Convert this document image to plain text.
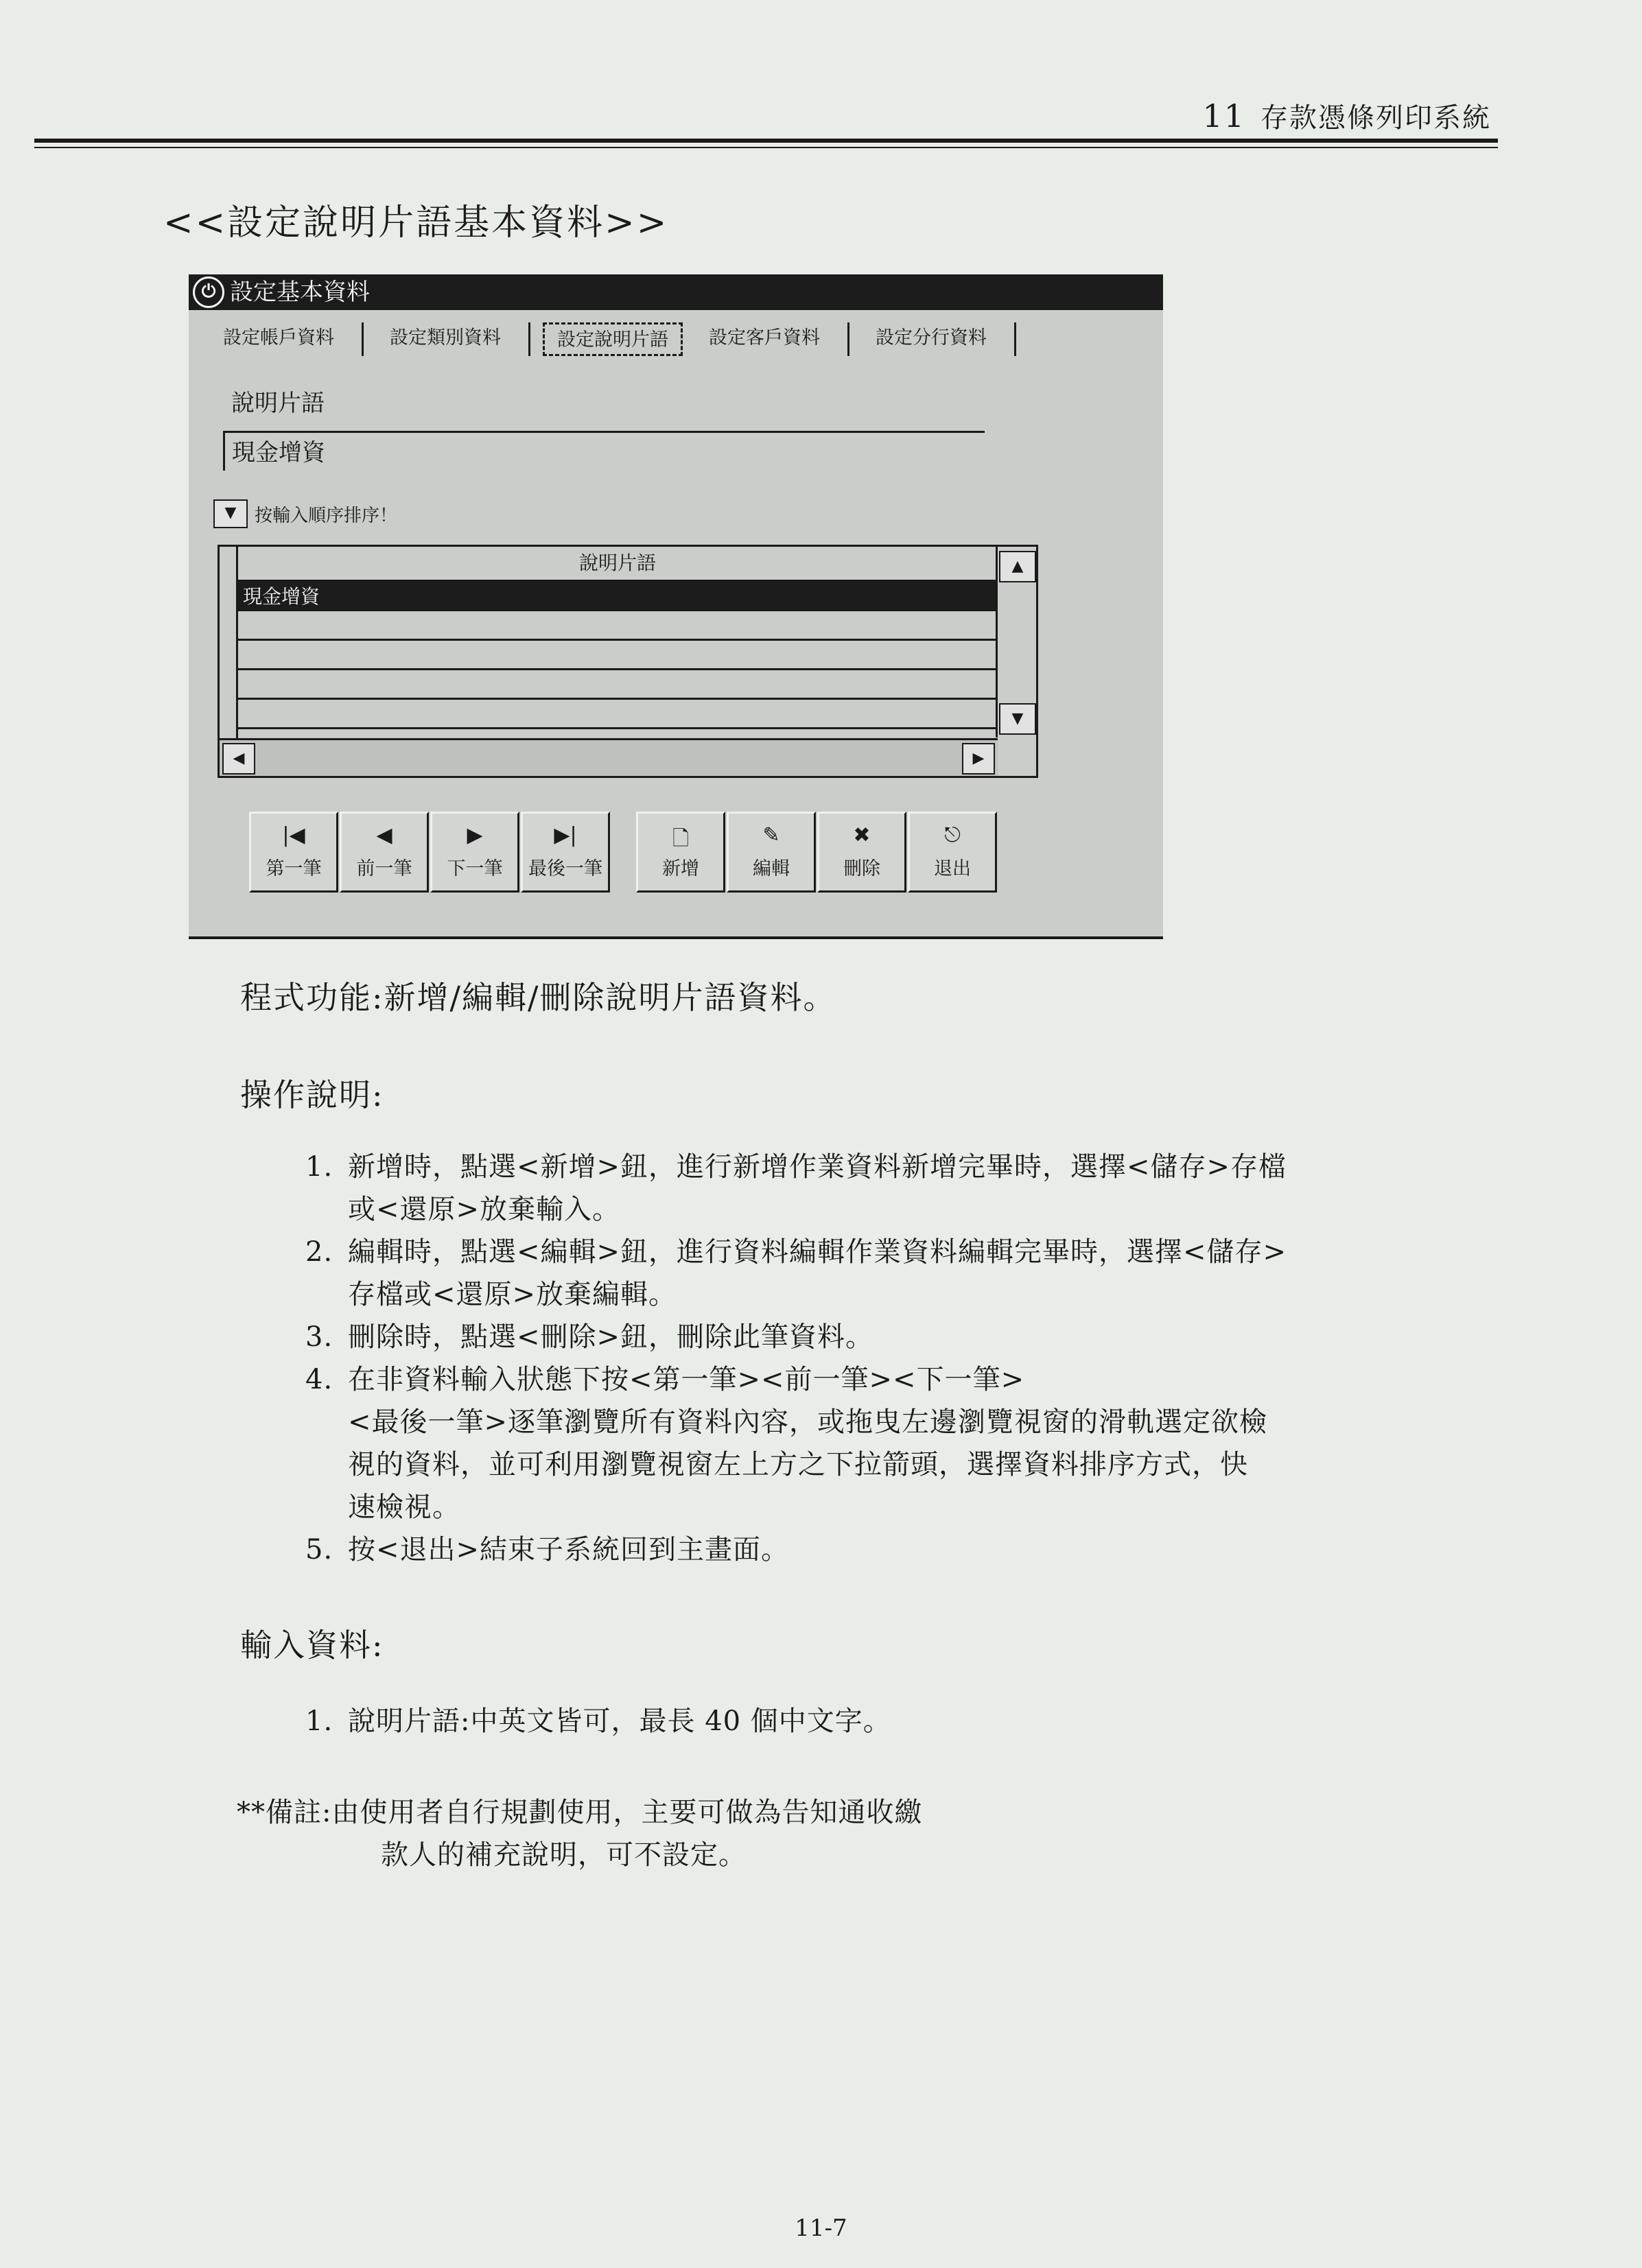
11 存款憑條列印系統
<<設定說明片語基本資料>>
⏻ 設定基本資料
設定帳戶資料	設定類別資料	設定說明片語	設定客戶資料	設定分行資料
說明片語
現金增資
▼	按輸入順序排序！
說明片語
現金增資
▲
▼
◀	▶
|◀
第一筆
◀
前一筆
▶
下一筆
▶|
最後一筆
🗋
新增
✎
編輯
✖
刪除
⎋
退出
程式功能:新增/編輯/刪除說明片語資料。
操作說明:
1. 新增時，點選<新增>鈕，進行新增作業資料新增完畢時，選擇<儲存>存檔
或<還原>放棄輸入。
2. 編輯時，點選<編輯>鈕，進行資料編輯作業資料編輯完畢時，選擇<儲存>
存檔或<還原>放棄編輯。
3. 刪除時，點選<刪除>鈕，刪除此筆資料。
4. 在非資料輸入狀態下按<第一筆><前一筆><下一筆>
<最後一筆>逐筆瀏覽所有資料內容，或拖曳左邊瀏覽視窗的滑軌選定欲檢
視的資料，並可利用瀏覽視窗左上方之下拉箭頭，選擇資料排序方式，快
速檢視。
5. 按<退出>結束子系統回到主畫面。
輸入資料:
1. 說明片語:中英文皆可，最長 40 個中文字。
**備註:由使用者自行規劃使用，主要可做為告知通收繳
款人的補充說明，可不設定。
11-7
